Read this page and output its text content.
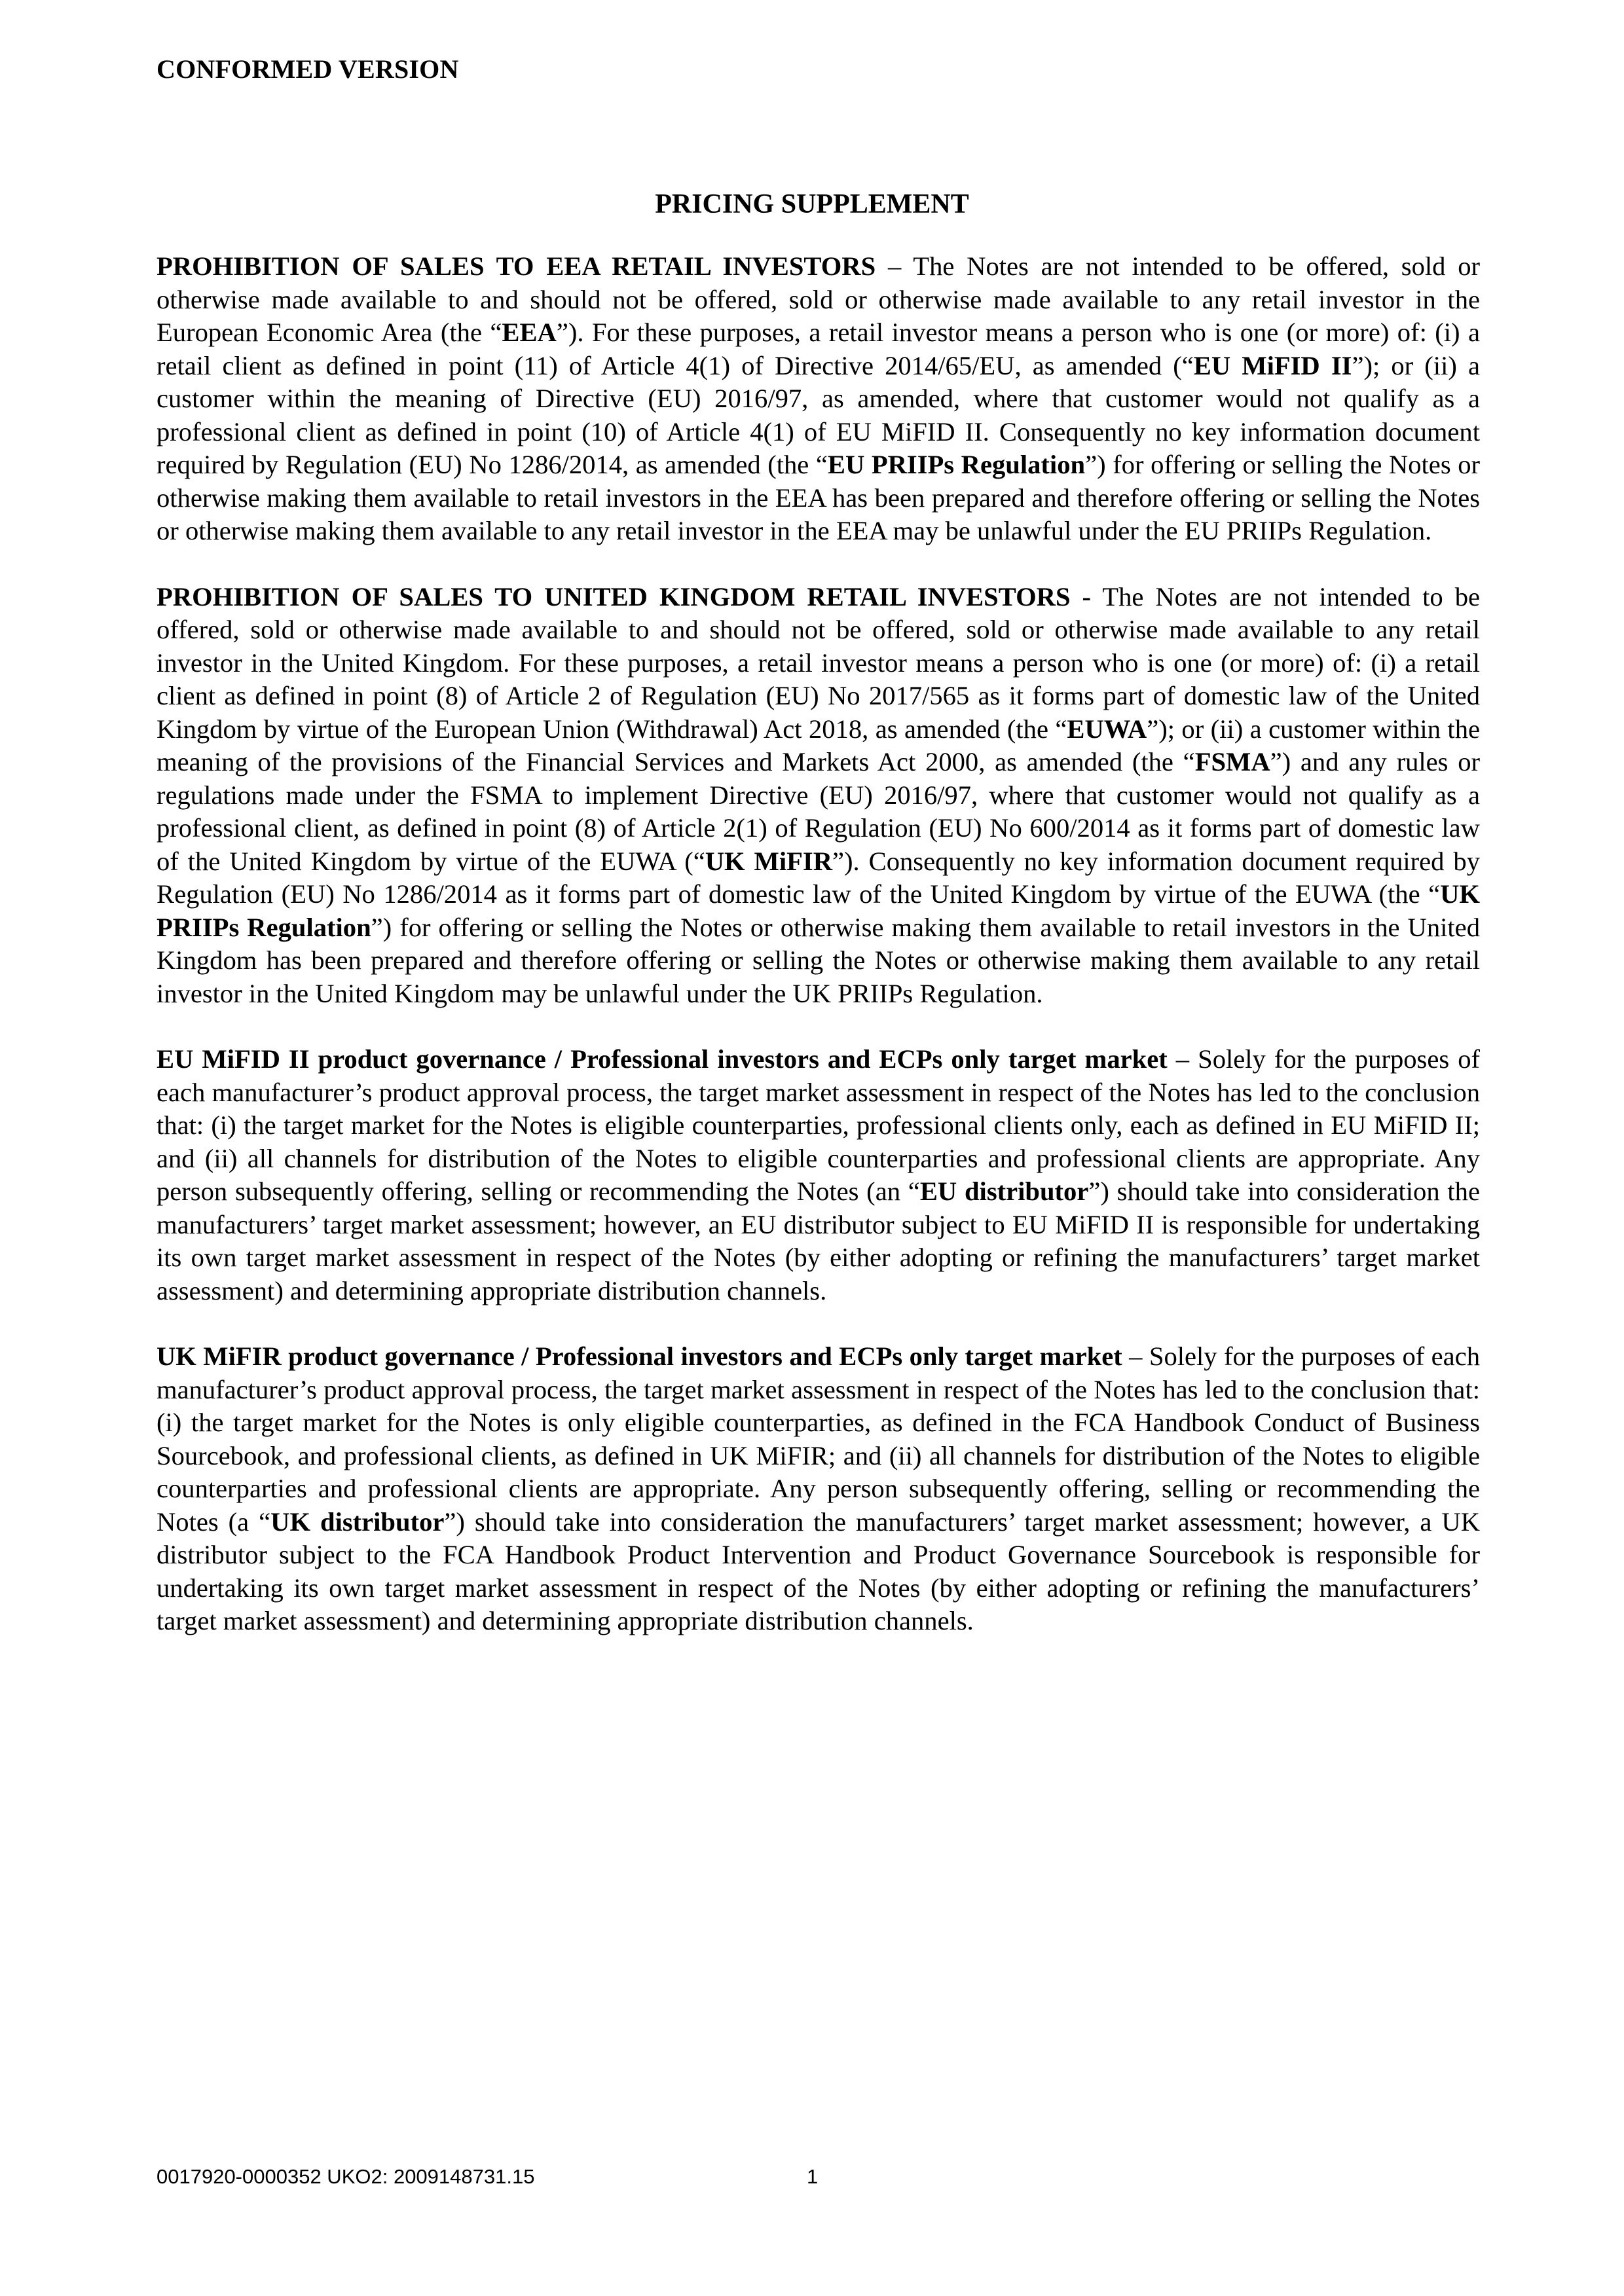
CONFORMED VERSION
PRICING SUPPLEMENT

PROHIBITION OF SALES TO EEA RETAIL INVESTORS – The Notes are not intended to be offered, sold or otherwise made available to and should not be offered, sold or otherwise made available to any retail investor in the European Economic Area (the “EEA”). For these purposes, a retail investor means a person who is one (or more) of: (i) a retail client as defined in point (11) of Article 4(1) of Directive 2014/65/EU, as amended (“EU MiFID II”); or (ii) a customer within the meaning of Directive (EU) 2016/97, as amended, where that customer would not qualify as a professional client as defined in point (10) of Article 4(1) of EU MiFID II. Consequently no key information document required by Regulation (EU) No 1286/2014, as amended (the “EU PRIIPs Regulation”) for offering or selling the Notes or otherwise making them available to retail investors in the EEA has been prepared and therefore offering or selling the Notes or otherwise making them available to any retail investor in the EEA may be unlawful under the EU PRIIPs Regulation.

PROHIBITION OF SALES TO UNITED KINGDOM RETAIL INVESTORS - The Notes are not intended to be offered, sold or otherwise made available to and should not be offered, sold or otherwise made available to any retail investor in the United Kingdom. For these purposes, a retail investor means a person who is one (or more) of: (i) a retail client as defined in point (8) of Article 2 of Regulation (EU) No 2017/565 as it forms part of domestic law of the United Kingdom by virtue of the European Union (Withdrawal) Act 2018, as amended (the “EUWA”); or (ii) a customer within the meaning of the provisions of the Financial Services and Markets Act 2000, as amended (the “FSMA”) and any rules or regulations made under the FSMA to implement Directive (EU) 2016/97, where that customer would not qualify as a professional client, as defined in point (8) of Article 2(1) of Regulation (EU) No 600/2014 as it forms part of domestic law of the United Kingdom by virtue of the EUWA (“UK MiFIR”). Consequently no key information document required by Regulation (EU) No 1286/2014 as it forms part of domestic law of the United Kingdom by virtue of the EUWA (the “UK PRIIPs Regulation”) for offering or selling the Notes or otherwise making them available to retail investors in the United Kingdom has been prepared and therefore offering or selling the Notes or otherwise making them available to any retail investor in the United Kingdom may be unlawful under the UK PRIIPs Regulation.

EU MiFID II product governance / Professional investors and ECPs only target market – Solely for the purposes of each manufacturer’s product approval process, the target market assessment in respect of the Notes has led to the conclusion that: (i) the target market for the Notes is eligible counterparties, professional clients only, each as defined in EU MiFID II; and (ii) all channels for distribution of the Notes to eligible counterparties and professional clients are appropriate. Any person subsequently offering, selling or recommending the Notes (an “EU distributor”) should take into consideration the manufacturers’ target market assessment; however, an EU distributor subject to EU MiFID II is responsible for undertaking its own target market assessment in respect of the Notes (by either adopting or refining the manufacturers’ target market assessment) and determining appropriate distribution channels.

UK MiFIR product governance / Professional investors and ECPs only target market – Solely for the purposes of each manufacturer’s product approval process, the target market assessment in respect of the Notes has led to the conclusion that: (i) the target market for the Notes is only eligible counterparties, as defined in the FCA Handbook Conduct of Business Sourcebook, and professional clients, as defined in UK MiFIR; and (ii) all channels for distribution of the Notes to eligible counterparties and professional clients are appropriate. Any person subsequently offering, selling or recommending the Notes (a “UK distributor”) should take into consideration the manufacturers’ target market assessment; however, a UK distributor subject to the FCA Handbook Product Intervention and Product Governance Sourcebook is responsible for undertaking its own target market assessment in respect of the Notes (by either adopting or refining the manufacturers’ target market assessment) and determining appropriate distribution channels.

0017920-0000352 UKO2: 2009148731.15	1
